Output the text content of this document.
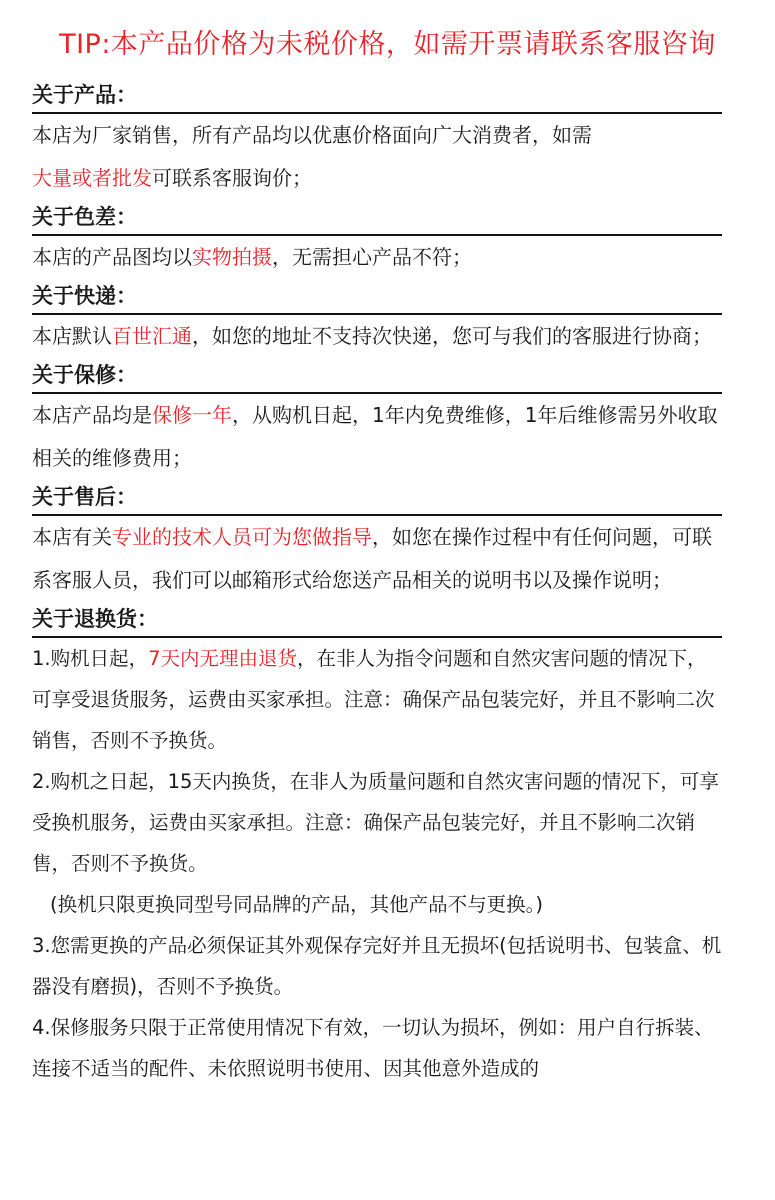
TIP:本产品价格为未税价格，如需开票请联系客服咨询
关于产品：

本店为厂家销售，所有产品均以优惠价格面向广大消费者，如需
大量或者批发可联系客服询价；

关于色差：

本店的产品图均以实物拍摄，无需担心产品不符；

关于快递：

本店默认百世汇通，如您的地址不支持次快递，您可与我们的客服进行协商；

关于保修：

本店产品均是保修一年，从购机日起，1年内免费维修，1年后维修需另外收取相关的维修费用；

关于售后：

本店有关专业的技术人员可为您做指导，如您在操作过程中有任何问题，可联系客服人员，我们可以邮箱形式给您送产品相关的说明书以及操作说明；

关于退换货：

1.购机日起，7天内无理由退货，在非人为指令问题和自然灾害问题的情况下，可享受退货服务，运费由买家承担。注意：确保产品包装完好，并且不影响二次销售，否则不予换货。

2.购机之日起，15天内换货，在非人为质量问题和自然灾害问题的情况下，可享受换机服务，运费由买家承担。注意：确保产品包装完好，并且不影响二次销售，否则不予换货。

(换机只限更换同型号同品牌的产品，其他产品不与更换。)

3.您需更换的产品必须保证其外观保存完好并且无损坏(包括说明书、包装盒、机器没有磨损)，否则不予换货。

4.保修服务只限于正常使用情况下有效，一切认为损坏，例如：用户自行拆装、连接不适当的配件、未依照说明书使用、因其他意外造成的
